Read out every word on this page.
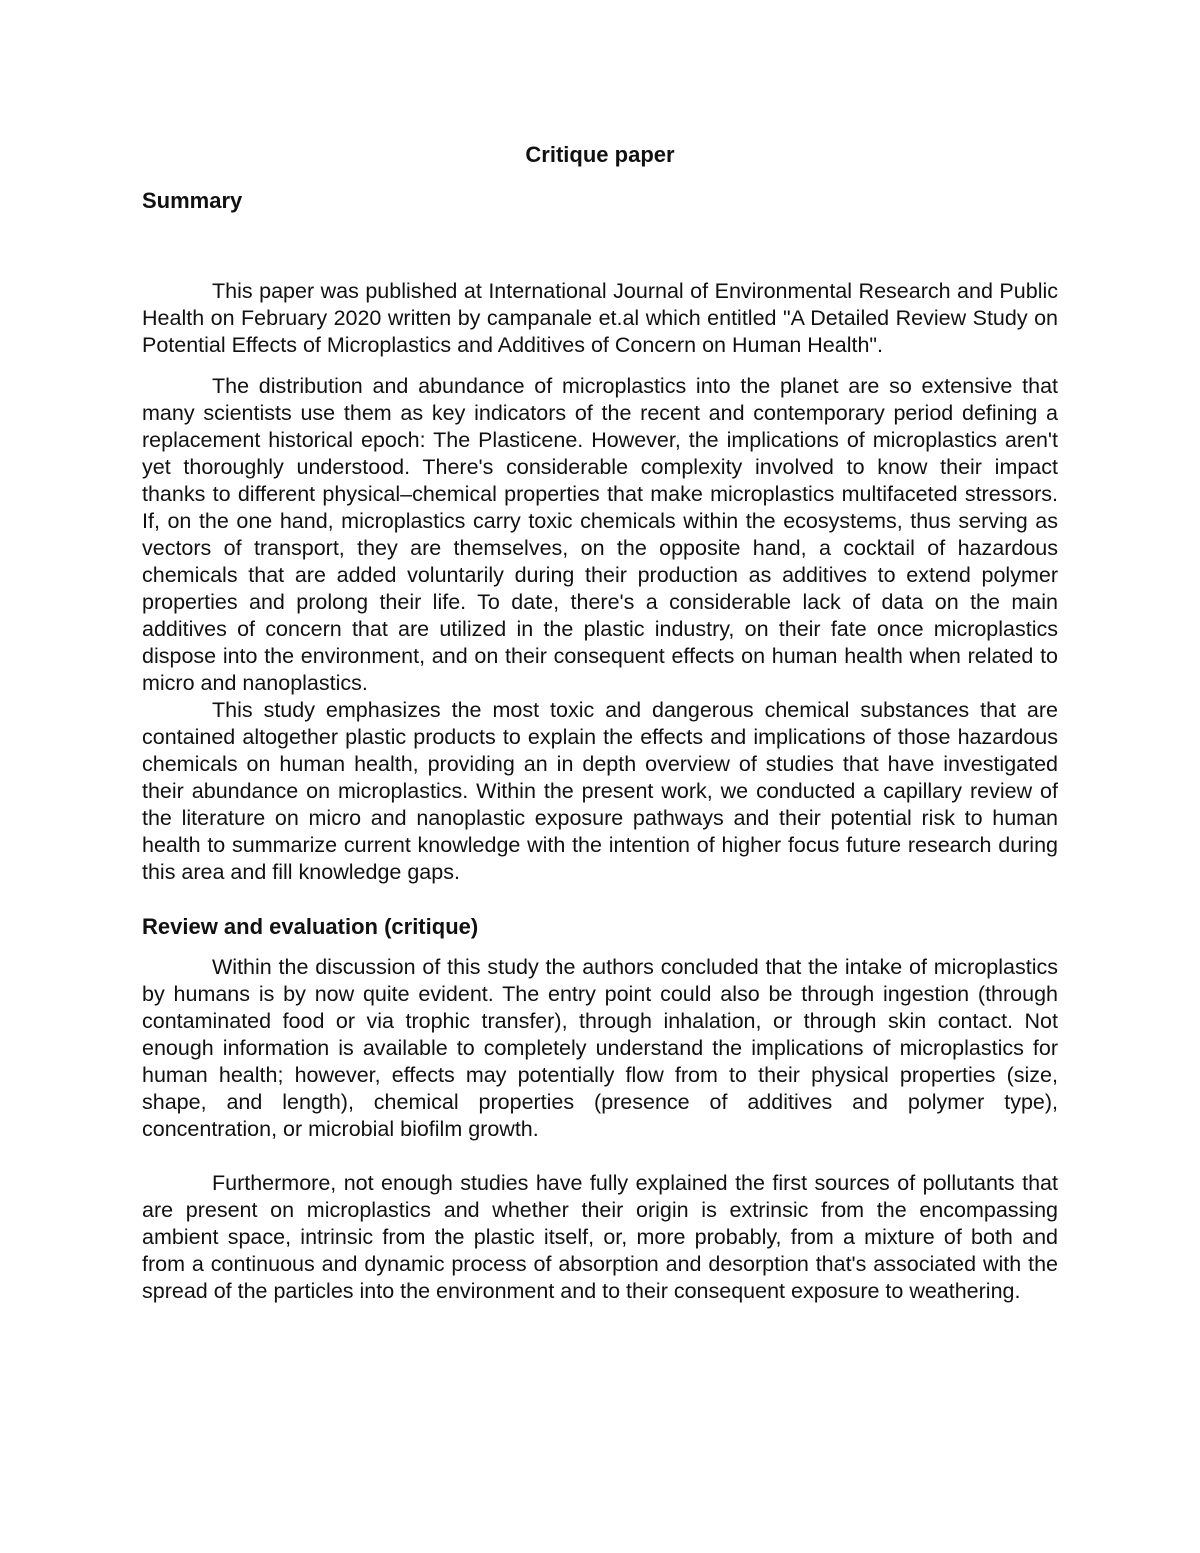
Critique paper
Summary

This paper was published at International Journal of Environmental Research and Public Health on February 2020 written by campanale et.al which entitled "A Detailed Review Study on Potential Effects of Microplastics and Additives of Concern on Human Health".

The distribution and abundance of microplastics into the planet are so extensive that many scientists use them as key indicators of the recent and contemporary period defining a replacement historical epoch: The Plasticene. However, the implications of microplastics aren't yet thoroughly understood. There's considerable complexity involved to know their impact thanks to different physical–chemical properties that make microplastics multifaceted stressors. If, on the one hand, microplastics carry toxic chemicals within the ecosystems, thus serving as vectors of transport, they are themselves, on the opposite hand, a cocktail of hazardous chemicals that are added voluntarily during their production as additives to extend polymer properties and prolong their life. To date, there's a considerable lack of data on the main additives of concern that are utilized in the plastic industry, on their fate once microplastics dispose into the environment, and on their consequent effects on human health when related to micro and nanoplastics.

This study emphasizes the most toxic and dangerous chemical substances that are contained altogether plastic products to explain the effects and implications of those hazardous chemicals on human health, providing an in depth overview of studies that have investigated their abundance on microplastics. Within the present work, we conducted a capillary review of the literature on micro and nanoplastic exposure pathways and their potential risk to human health to summarize current knowledge with the intention of higher focus future research during this area and fill knowledge gaps.

Review and evaluation (critique)

Within the discussion of this study the authors concluded that the intake of microplastics by humans is by now quite evident. The entry point could also be through ingestion (through contaminated food or via trophic transfer), through inhalation, or through skin contact. Not enough information is available to completely understand the implications of microplastics for human health; however, effects may potentially flow from to their physical properties (size, shape, and length), chemical properties (presence of additives and polymer type), concentration, or microbial biofilm growth.

Furthermore, not enough studies have fully explained the first sources of pollutants that are present on microplastics and whether their origin is extrinsic from the encompassing ambient space, intrinsic from the plastic itself, or, more probably, from a mixture of both and from a continuous and dynamic process of absorption and desorption that's associated with the spread of the particles into the environment and to their consequent exposure to weathering.
